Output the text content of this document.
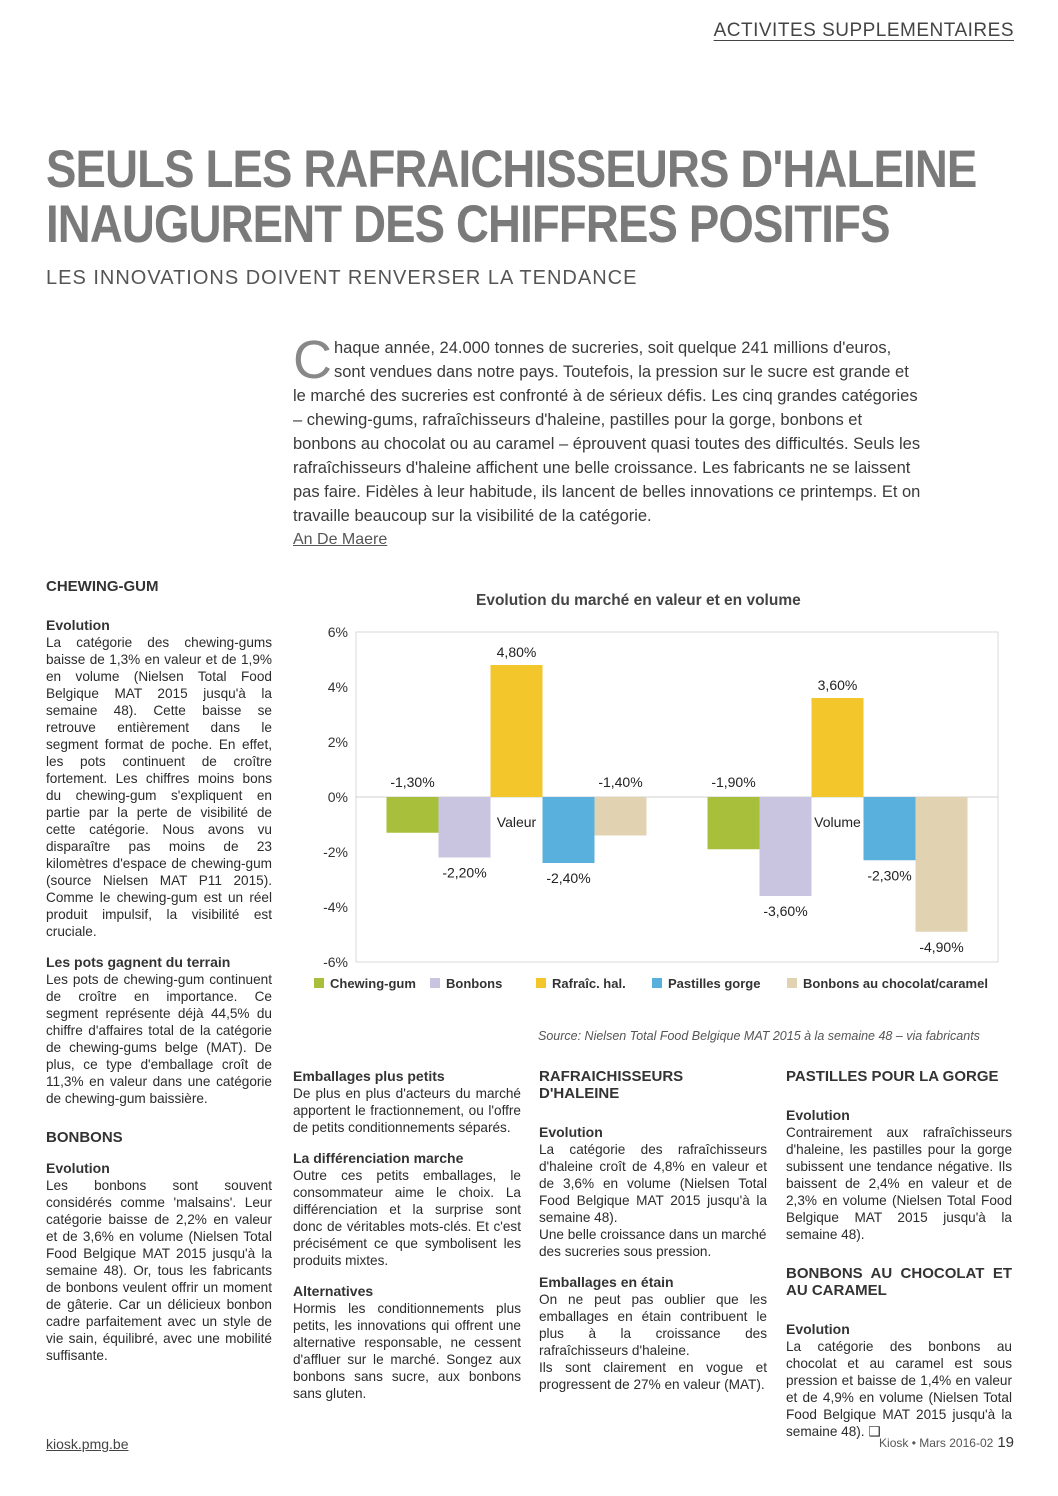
ACTIVITES SUPPLEMENTAIRES
SEULS LES RAFRAICHISSEURS D'HALEINE
INAUGURENT DES CHIFFRES POSITIFS
LES INNOVATIONS DOIVENT RENVERSER LA TENDANCE
Chaque année, 24.000 tonnes de sucreries, soit quelque 241 millions d'euros, sont vendues dans notre pays. Toutefois, la pression sur le sucre est grande et le marché des sucreries est confronté à de sérieux défis. Les cinq grandes catégories – chewing-gums, rafraîchisseurs d'haleine, pastilles pour la gorge, bonbons et bonbons au chocolat ou au caramel – éprouvent quasi toutes des difficultés. Seuls les rafraîchisseurs d'haleine affichent une belle croissance. Les fabricants ne se laissent pas faire. Fidèles à leur habitude, ils lancent de belles innovations ce printemps. Et on travaille beaucoup sur la visibilité de la catégorie.
An De Maere
CHEWING-GUM
Evolution

La catégorie des chewing-gums baisse de 1,3% en valeur et de 1,9% en volume (Nielsen Total Food Belgique MAT 2015 jusqu'à la semaine 48). Cette baisse se retrouve entièrement dans le segment format de poche. En effet, les pots continuent de croître fortement. Les chiffres moins bons du chewing-gum s'expliquent en partie par la perte de visibilité de cette catégorie. Nous avons vu disparaître pas moins de 23 kilomètres d'espace de chewing-gum (source Nielsen MAT P11 2015). Comme le chewing-gum est un réel produit impulsif, la visibilité est cruciale.

Les pots gagnent du terrain

Les pots de chewing-gum continuent de croître en importance. Ce segment représente déjà 44,5% du chiffre d'affaires total de la catégorie de chewing-gums belge (MAT). De plus, ce type d'emballage croît de 11,3% en valeur dans une catégorie de chewing-gum baissière.

BONBONS
Evolution

Les bonbons sont souvent considérés comme 'malsains'. Leur catégorie baisse de 2,2% en valeur et de 3,6% en volume (Nielsen Total Food Belgique MAT 2015 jusqu'à la semaine 48). Or, tous les fabricants de bonbons veulent offrir un moment de gâterie. Car un délicieux bonbon cadre parfaitement avec un style de vie sain, équilibré, avec une mobilité suffisante.

Evolution du marché en valeur et en volume
-6%
-4%
-2%
0%
2%
4%
6%
-1,30%
-2,20%
4,80%
-2,40%
-1,40%
Valeur
-1,90%
-3,60%
3,60%
-2,30%
-4,90%
Volume
Chewing-gum Bonbons	Rafraîc. hal.	Pastilles gorge	Bonbons au chocolat/caramel
Source: Nielsen Total Food Belgique MAT 2015 à la semaine 48 – via fabricants
Emballages plus petits

De plus en plus d'acteurs du marché apportent le fractionnement, ou l'offre de petits conditionnements séparés.

La différenciation marche

Outre ces petits emballages, le consommateur aime le choix. La différenciation et la surprise sont donc de véritables mots-clés. Et c'est précisément ce que symbolisent les produits mixtes.

Alternatives

Hormis les conditionnements plus petits, les innovations qui offrent une alternative responsable, ne cessent d'affluer sur le marché. Songez aux bonbons sans sucre, aux bonbons sans gluten.

RAFRAICHISSEURS D'HALEINE
Evolution

La catégorie des rafraîchisseurs d'haleine croît de 4,8% en valeur et de 3,6% en volume (Nielsen Total Food Belgique MAT 2015 jusqu'à la semaine 48).

Une belle croissance dans un marché des sucreries sous pression.

Emballages en étain

On ne peut pas oublier que les emballages en étain contribuent le plus à la croissance des rafraîchisseurs d'haleine.

Ils sont clairement en vogue et progressent de 27% en valeur (MAT).

PASTILLES POUR LA GORGE
Evolution

Contrairement aux rafraîchisseurs d'haleine, les pastilles pour la gorge subissent une tendance négative. Ils baissent de 2,4% en valeur et de 2,3% en volume (Nielsen Total Food Belgique MAT 2015 jusqu'à la semaine 48).

BONBONS AU CHOCOLAT ET AU CARAMEL
Evolution

La catégorie des bonbons au chocolat et au caramel est sous pression et baisse de 1,4% en valeur et de 4,9% en volume (Nielsen Total Food Belgique MAT 2015 jusqu'à la semaine 48). ❑

kiosk.pmg.be	Kiosk • Mars 2016-02 19
